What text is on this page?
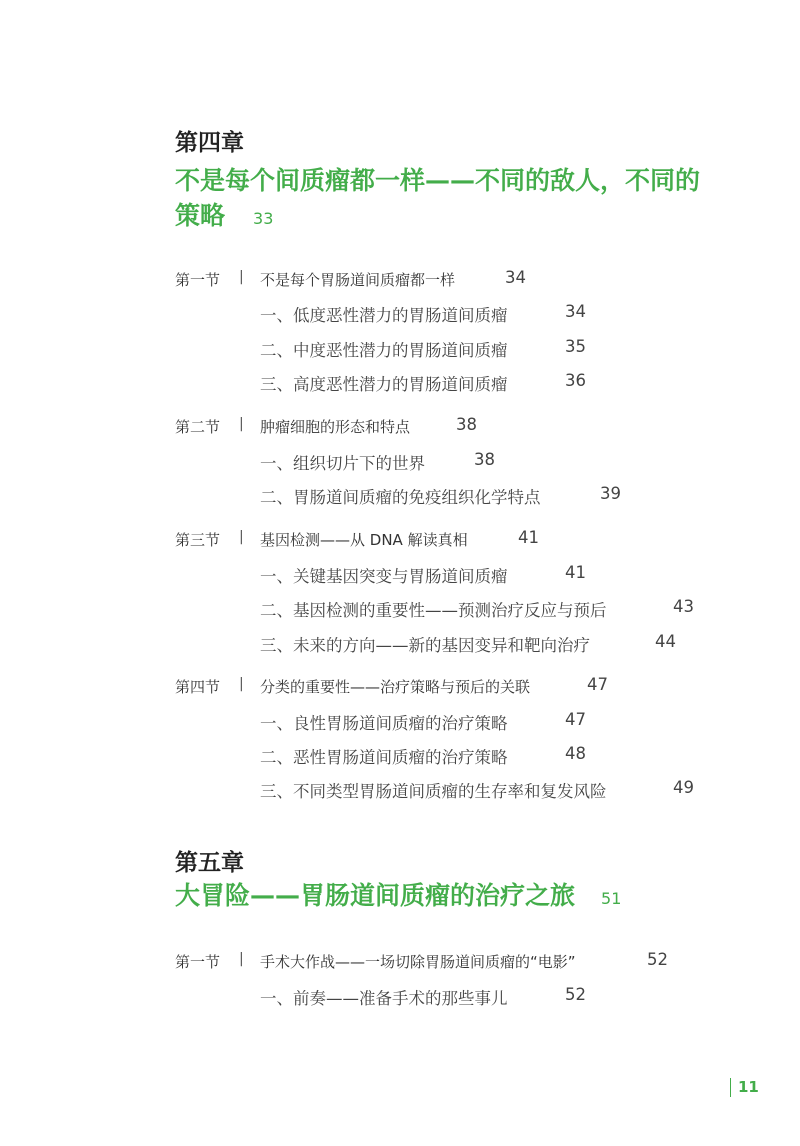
第四章
不是每个间质瘤都一样——不同的敌人，不同的
策略 33
第一节 | 不是每个胃肠道间质瘤都一样	34
一、低度恶性潜力的胃肠道间质瘤	34
二、中度恶性潜力的胃肠道间质瘤	35
三、高度恶性潜力的胃肠道间质瘤	36
第二节 | 肿瘤细胞的形态和特点	38
一、组织切片下的世界	38
二、胃肠道间质瘤的免疫组织化学特点	39
第三节 | 基因检测——从 DNA 解读真相	41
一、关键基因突变与胃肠道间质瘤	41
二、基因检测的重要性——预测治疗反应与预后	43
三、未来的方向——新的基因变异和靶向治疗	44
第四节 | 分类的重要性——治疗策略与预后的关联	47
一、良性胃肠道间质瘤的治疗策略	47
二、恶性胃肠道间质瘤的治疗策略	48
三、不同类型胃肠道间质瘤的生存率和复发风险	49
第五章
大冒险——胃肠道间质瘤的治疗之旅 51
第一节 | 手术大作战——一场切除胃肠道间质瘤的“电影”	52
一、前奏——准备手术的那些事儿	52
11
